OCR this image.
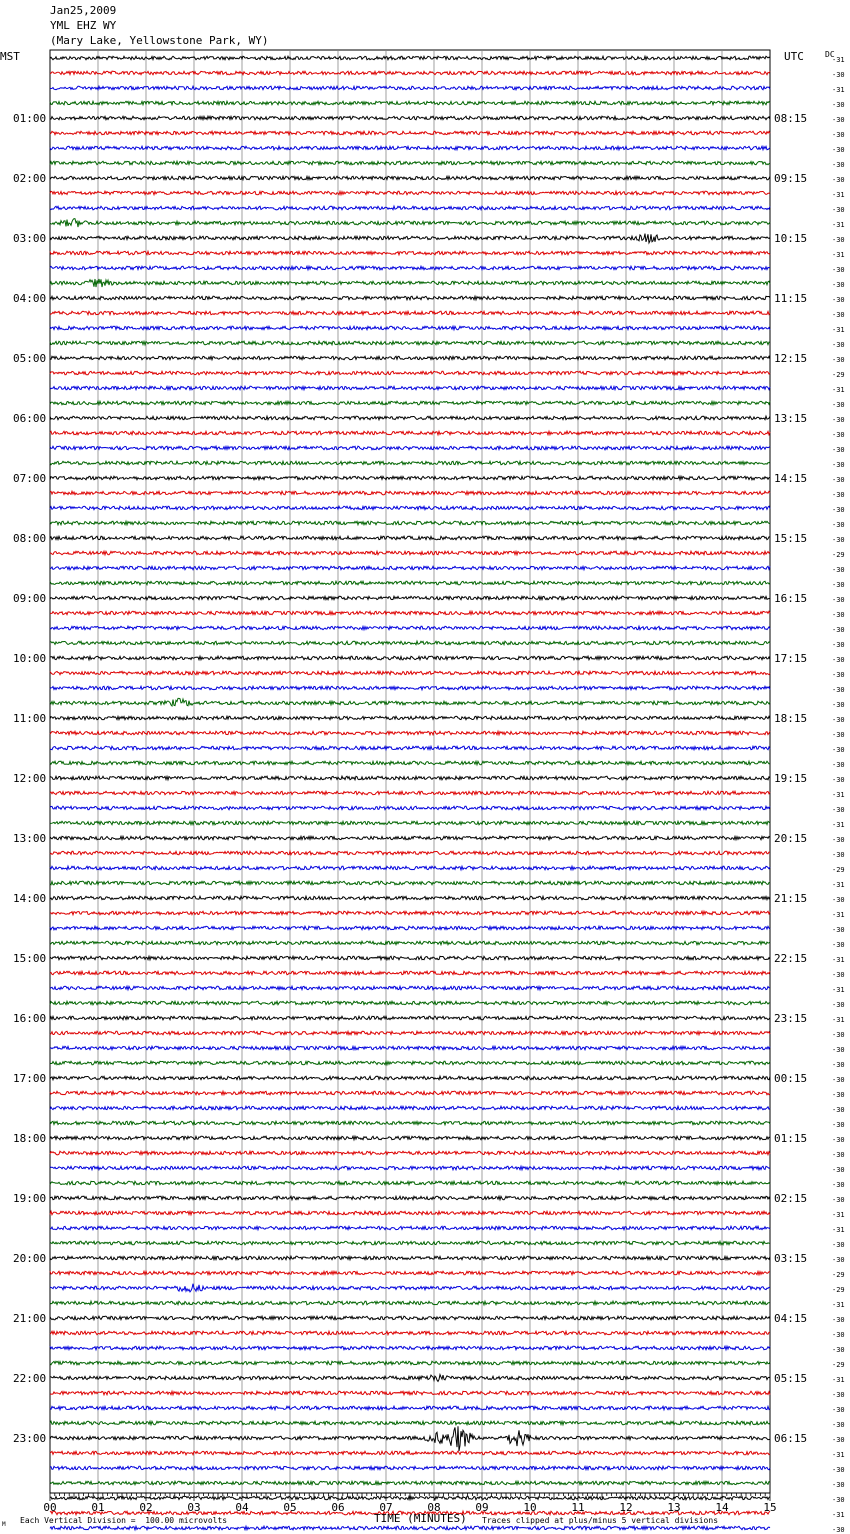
Jan25,2009
YML EHZ WY
(Mary Lake, Yellowstone Park, WY)
MST	UTC	DC
-31
-30
-31
-30
-30
-30
-30
-30
-30
-31
-30
-31
-30
-31
-30
-30
-30
-30
-31
-30
-30
-29
-31
-30
-30
-30
-30
-30
-30
-30
-30
-30
-30
-29
-30
-30
-30
-30
-30
-30
-30
-30
-30
-30
-30
-30
-30
-30
-30
-31
-30
-31
-30
-30
-29
-31
-30
-31
-30
-30
-31
-30
-31
-30
-31
-30
-30
-30
-30
-30
-30
-30
-30
-30
-30
-30
-30
-31
-31
-30
-30
-29
-29
-31
-30
-30
-30
-29
-31
-30
-30
-30
-30
-31
-30
-30
-30
-31
-30
01:00	08:15
02:00	09:15
03:00	10:15
04:00	11:15
05:00	12:15
06:00	13:15
07:00	14:15
08:00	15:15
09:00	16:15
10:00	17:15
11:00	18:15
12:00	19:15
13:00	20:15
14:00	21:15
15:00	22:15
16:00	23:15
17:00	00:15
18:00	01:15
19:00	02:15
20:00	03:15
21:00	04:15
22:00	05:15
23:00	06:15
00	01	02	03	04	05	06	07	08	09	10	11	12	13	14	15
M Each Vertical Division =  100.00 microvolts	TIME (MINUTES) Traces clipped at plus/minus 5 vertical divisions
